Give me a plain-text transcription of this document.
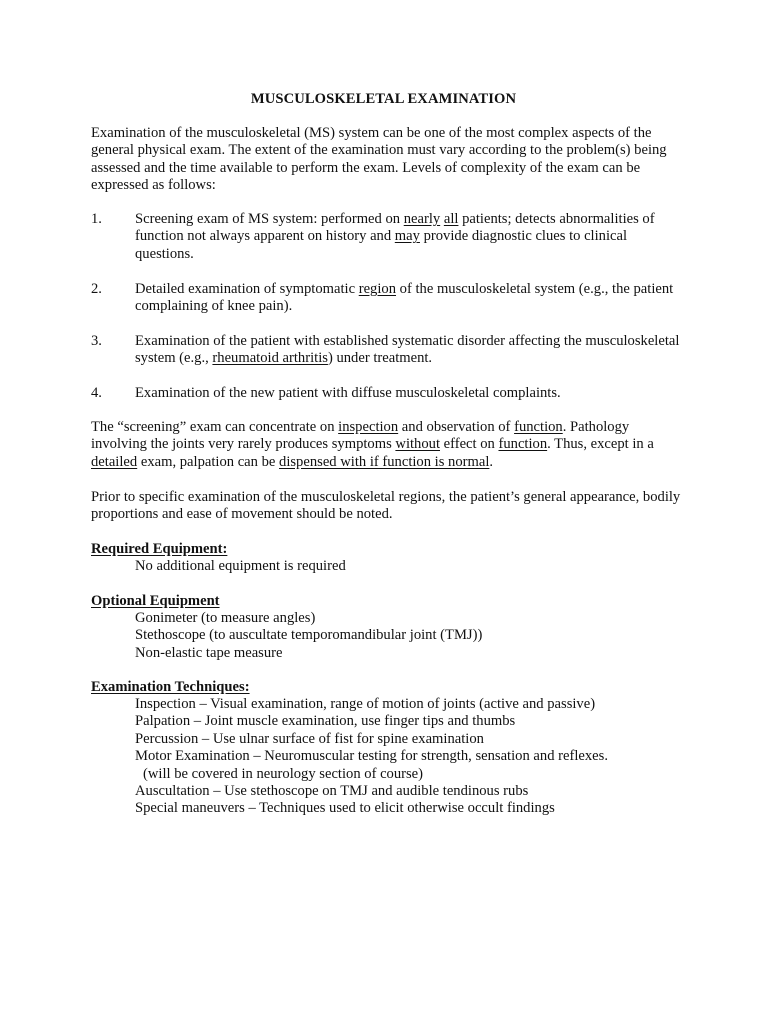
MUSCULOSKELETAL EXAMINATION
Examination of the musculoskeletal (MS) system can be one of the most complex aspects of the general physical exam. The extent of the examination must vary according to the problem(s) being assessed and the time available to perform the exam. Levels of complexity of the exam can be expressed as follows:
1.	Screening exam of MS system: performed on nearly all patients; detects abnormalities of function not always apparent on history and may provide diagnostic clues to clinical questions.
2.	Detailed examination of symptomatic region of the musculoskeletal system (e.g., the patient complaining of knee pain).
3.	Examination of the patient with established systematic disorder affecting the musculoskeletal system (e.g., rheumatoid arthritis) under treatment.
4.	Examination of the new patient with diffuse musculoskeletal complaints.
The “screening” exam can concentrate on inspection and observation of function. Pathology involving the joints very rarely produces symptoms without effect on function. Thus, except in a detailed exam, palpation can be dispensed with if function is normal.
Prior to specific examination of the musculoskeletal regions, the patient’s general appearance, bodily proportions and ease of movement should be noted.
Required Equipment:
No additional equipment is required
Optional Equipment
Gonimeter (to measure angles)
Stethoscope (to auscultate temporomandibular joint (TMJ))
Non-elastic tape measure
Examination Techniques:
Inspection – Visual examination, range of motion of joints (active and passive)
Palpation – Joint muscle examination, use finger tips and thumbs
Percussion – Use ulnar surface of fist for spine examination
Motor Examination – Neuromuscular testing for strength, sensation and reflexes.
(will be covered in neurology section of course)
Auscultation – Use stethoscope on TMJ and audible tendinous rubs
Special maneuvers – Techniques used to elicit otherwise occult findings
